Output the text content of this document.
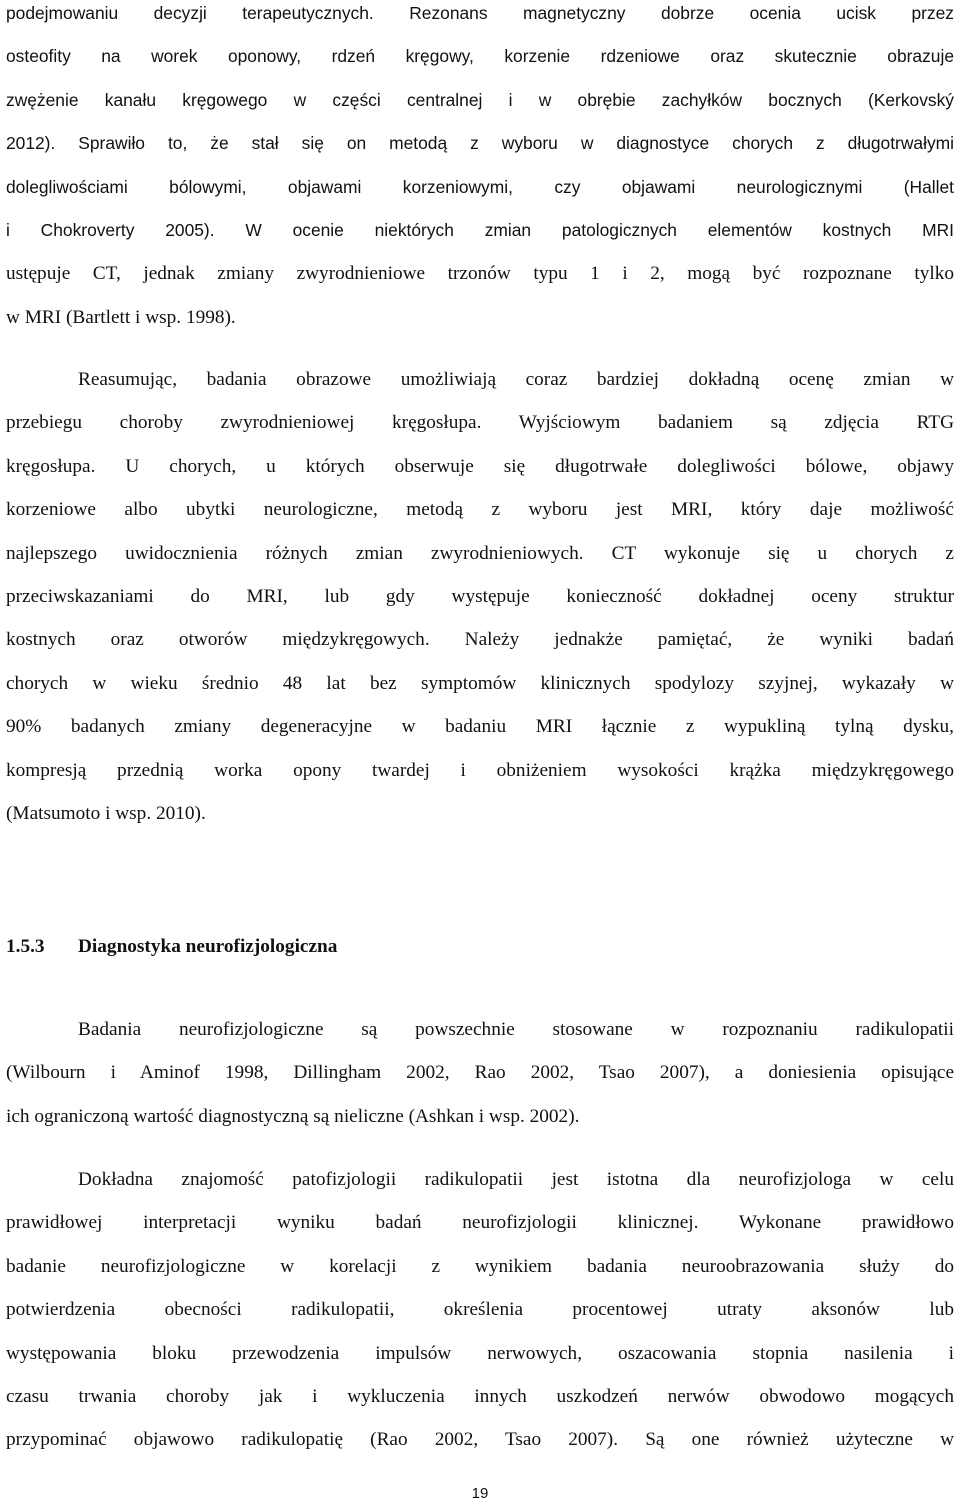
podejmowaniu decyzji terapeutycznych. Rezonans magnetyczny dobrze ocenia ucisk przez
osteofity na worek oponowy, rdzeń kręgowy, korzenie rdzeniowe oraz skutecznie obrazuje
zwężenie kanału kręgowego w części centralnej i w obrębie zachyłków bocznych (Kerkovský
2012). Sprawiło to, że stał się on metodą z wyboru w diagnostyce chorych z długotrwałymi
dolegliwościami bólowymi, objawami korzeniowymi, czy objawami neurologicznymi (Hallet
i Chokroverty 2005). W ocenie niektórych zmian patologicznych elementów kostnych MRI
ustępuje CT, jednak zmiany zwyrodnieniowe trzonów typu 1 i 2, mogą być rozpoznane tylko
w MRI (Bartlett i wsp. 1998).
Reasumując, badania obrazowe umożliwiają coraz bardziej dokładną ocenę zmian w
przebiegu choroby zwyrodnieniowej kręgosłupa. Wyjściowym badaniem są zdjęcia RTG
kręgosłupa. U chorych, u których obserwuje się długotrwałe dolegliwości bólowe, objawy
korzeniowe albo ubytki neurologiczne, metodą z wyboru jest MRI, który daje możliwość
najlepszego uwidocznienia różnych zmian zwyrodnieniowych. CT wykonuje się u chorych z
przeciwskazaniami do MRI, lub gdy występuje konieczność dokładnej oceny struktur
kostnych oraz otworów międzykręgowych. Należy jednakże pamiętać, że wyniki badań
chorych w wieku średnio 48 lat bez symptomów klinicznych spodylozy szyjnej, wykazały w
90% badanych zmiany degeneracyjne w badaniu MRI łącznie z wypukliną tylną dysku,
kompresją przednią worka opony twardej i obniżeniem wysokości krążka międzykręgowego
(Matsumoto i wsp. 2010).
1.5.3 Diagnostyka neurofizjologiczna
Badania neurofizjologiczne są powszechnie stosowane w rozpoznaniu radikulopatii
(Wilbourn i Aminof 1998, Dillingham 2002, Rao 2002, Tsao 2007), a doniesienia opisujące
ich ograniczoną wartość diagnostyczną są nieliczne (Ashkan i wsp. 2002).
Dokładna znajomość patofizjologii radikulopatii jest istotna dla neurofizjologa w celu
prawidłowej interpretacji wyniku badań neurofizjologii klinicznej. Wykonane prawidłowo
badanie neurofizjologiczne w korelacji z wynikiem badania neuroobrazowania służy do
potwierdzenia obecności radikulopatii, określenia procentowej utraty aksonów lub
występowania bloku przewodzenia impulsów nerwowych, oszacowania stopnia nasilenia i
czasu trwania choroby jak i wykluczenia innych uszkodzeń nerwów obwodowo mogących
przypominać objawowo radikulopatię (Rao 2002, Tsao 2007). Są one również użyteczne w
19
